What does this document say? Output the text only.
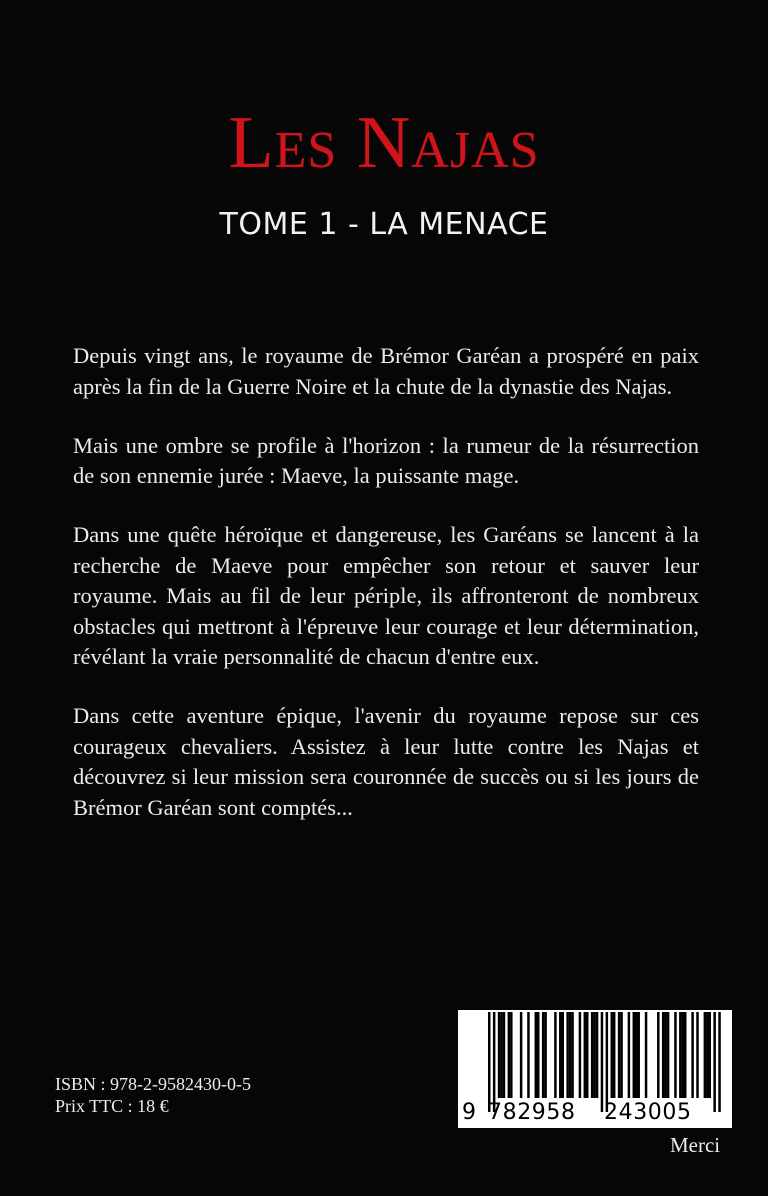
Les Najas
TOME 1 - LA MENACE

Depuis vingt ans, le royaume de Brémor Garéan a prospéré en paix après la fin de la Guerre Noire et la chute de la dynastie des Najas.

Mais une ombre se profile à l'horizon : la rumeur de la résurrection de son ennemie jurée : Maeve, la puissante mage.

Dans une quête héroïque et dangereuse, les Garéans se lancent à la recherche de Maeve pour empêcher son retour et sauver leur royaume. Mais au fil de leur périple, ils affronteront de nombreux obstacles qui mettront à l'épreuve leur courage et leur détermination, révélant la vraie personnalité de chacun d'entre eux.

Dans cette aventure épique, l'avenir du royaume repose sur ces courageux chevaliers. Assistez à leur lutte contre les Najas et découvrez si leur mission sera couronnée de succès ou si les jours de Brémor Garéan sont comptés...

ISBN : 978-2-9582430-0-5
Prix TTC : 18 €	9 782958 243005
Merci
